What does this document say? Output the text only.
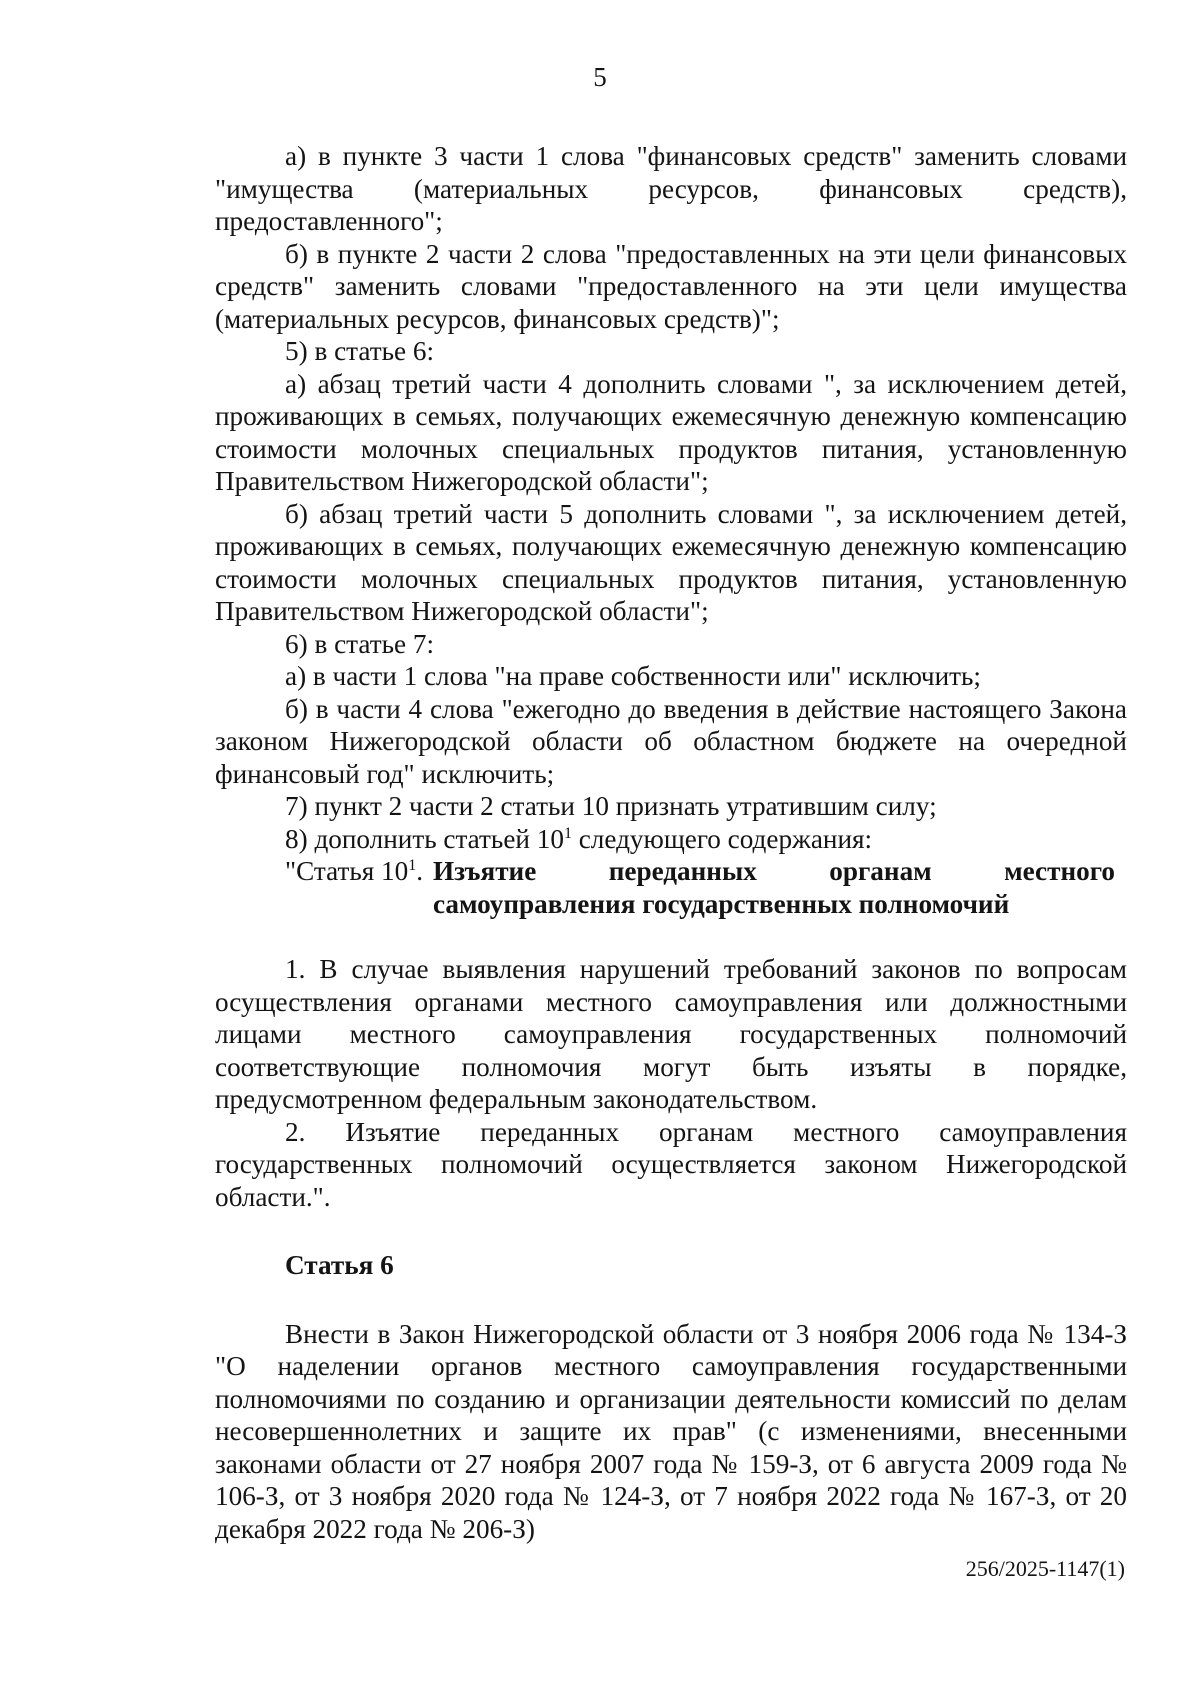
5

а) в пункте 3 части 1 слова "финансовых средств" заменить словами "имущества (материальных ресурсов, финансовых средств), предоставленного";

б) в пункте 2 части 2 слова "предоставленных на эти цели финансовых средств" заменить словами "предоставленного на эти цели имущества (материальных ресурсов, финансовых средств)";

5) в статье 6:

а) абзац третий части 4 дополнить словами ", за исключением детей, проживающих в семьях, получающих ежемесячную денежную компенсацию стоимости молочных специальных продуктов питания, установленную Правительством Нижегородской области";

б) абзац третий части 5 дополнить словами ", за исключением детей, проживающих в семьях, получающих ежемесячную денежную компенсацию стоимости молочных специальных продуктов питания, установленную Правительством Нижегородской области";

6) в статье 7:

а) в части 1 слова "на праве собственности или" исключить;

б) в части 4 слова "ежегодно до введения в действие настоящего Закона законом Нижегородской области об областном бюджете на очередной финансовый год" исключить;

7) пункт 2 части 2 статьи 10 признать утратившим силу;

8) дополнить статьей $10^1$ следующего содержания:

"Статья $10^1$. Изъятие переданных органам местного самоуправления государственных полномочий

1. В случае выявления нарушений требований законов по вопросам осуществления органами местного самоуправления или должностными лицами местного самоуправления государственных полномочий соответствующие полномочия могут быть изъяты в порядке, предусмотренном федеральным законодательством.

2. Изъятие переданных органам местного самоуправления государственных полномочий осуществляется законом Нижегородской области.".

Статья 6

Внести в Закон Нижегородской области от 3 ноября 2006 года № 134-З "О наделении органов местного самоуправления государственными полномочиями по созданию и организации деятельности комиссий по делам несовершеннолетних и защите их прав" (с изменениями, внесенными законами области от 27 ноября 2007 года № 159-З, от 6 августа 2009 года № 106-З, от 3 ноября 2020 года № 124-З, от 7 ноября 2022 года № 167-З, от 20 декабря 2022 года № 206-З)

256/2025-1147(1)
